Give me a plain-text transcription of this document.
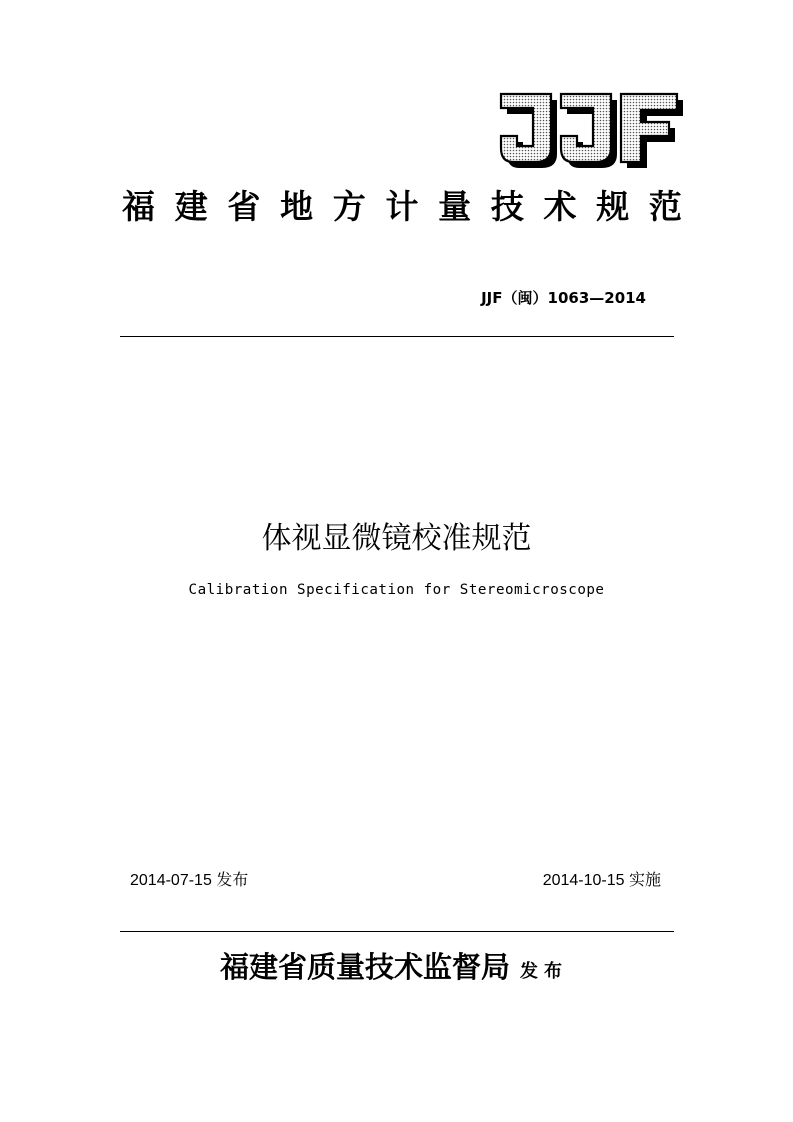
JJF
福 建 省 地 方 计 量 技 术 规 范
JJF（闽）1063—2014
体视显微镜校准规范
Calibration Specification for Stereomicroscope
2014-07-15 发布	2014-10-15 实施
福建省质量技术监督局 发布
